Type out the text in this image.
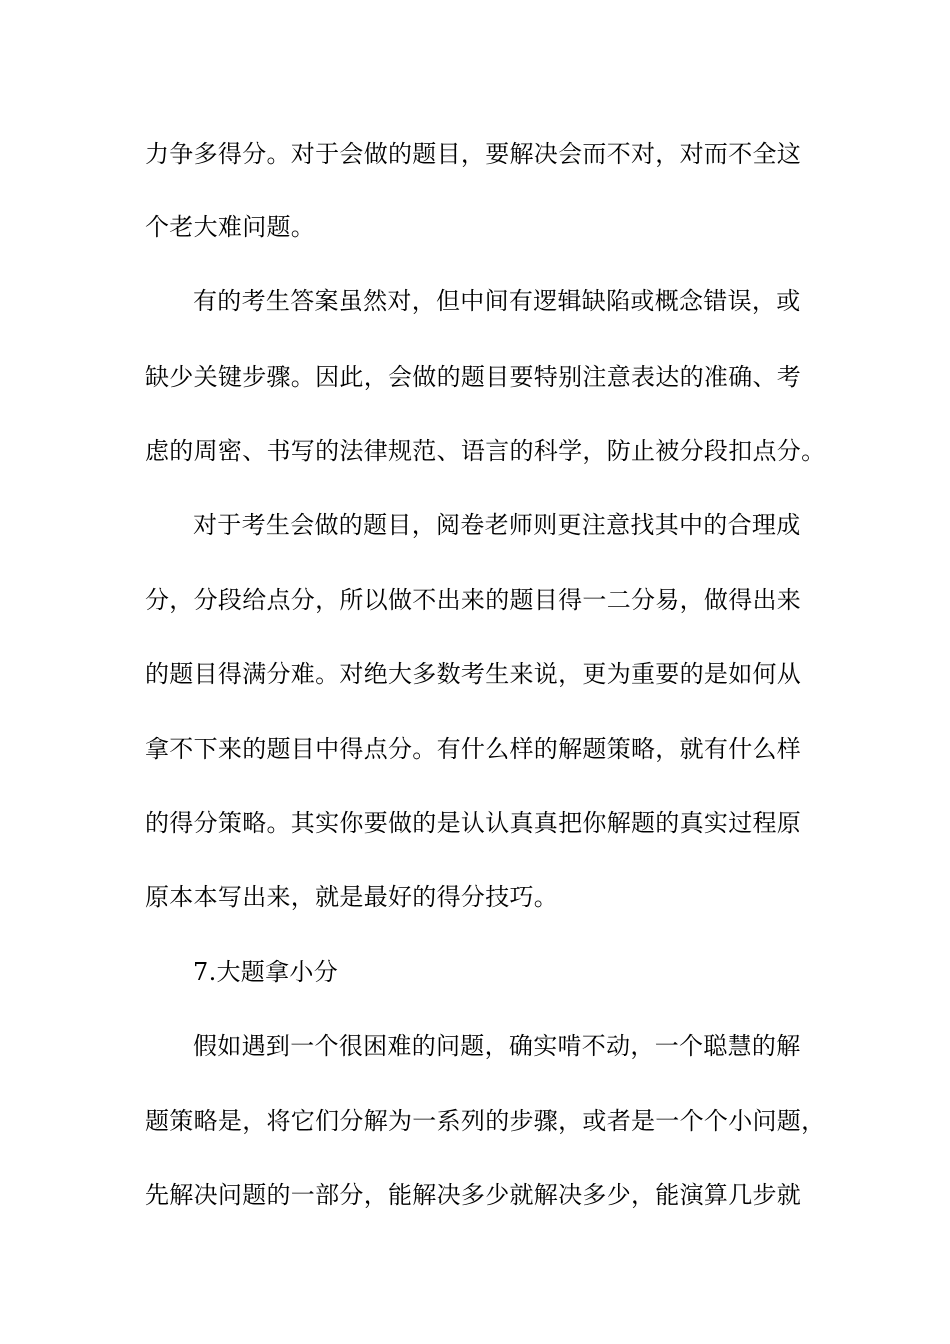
力争多得分。对于会做的题目，要解决会而不对，对而不全这
个老大难问题。
有的考生答案虽然对，但中间有逻辑缺陷或概念错误，或
缺少关键步骤。因此，会做的题目要特别注意表达的准确、考
虑的周密、书写的法律规范、语言的科学，防止被分段扣点分。
对于考生会做的题目，阅卷老师则更注意找其中的合理成
分，分段给点分，所以做不出来的题目得一二分易，做得出来
的题目得满分难。对绝大多数考生来说，更为重要的是如何从
拿不下来的题目中得点分。有什么样的解题策略，就有什么样
的得分策略。其实你要做的是认认真真把你解题的真实过程原
原本本写出来，就是最好的得分技巧。
7.大题拿小分
假如遇到一个很困难的问题，确实啃不动，一个聪慧的解
题策略是，将它们分解为一系列的步骤，或者是一个个小问题，
先解决问题的一部分，能解决多少就解决多少，能演算几步就
